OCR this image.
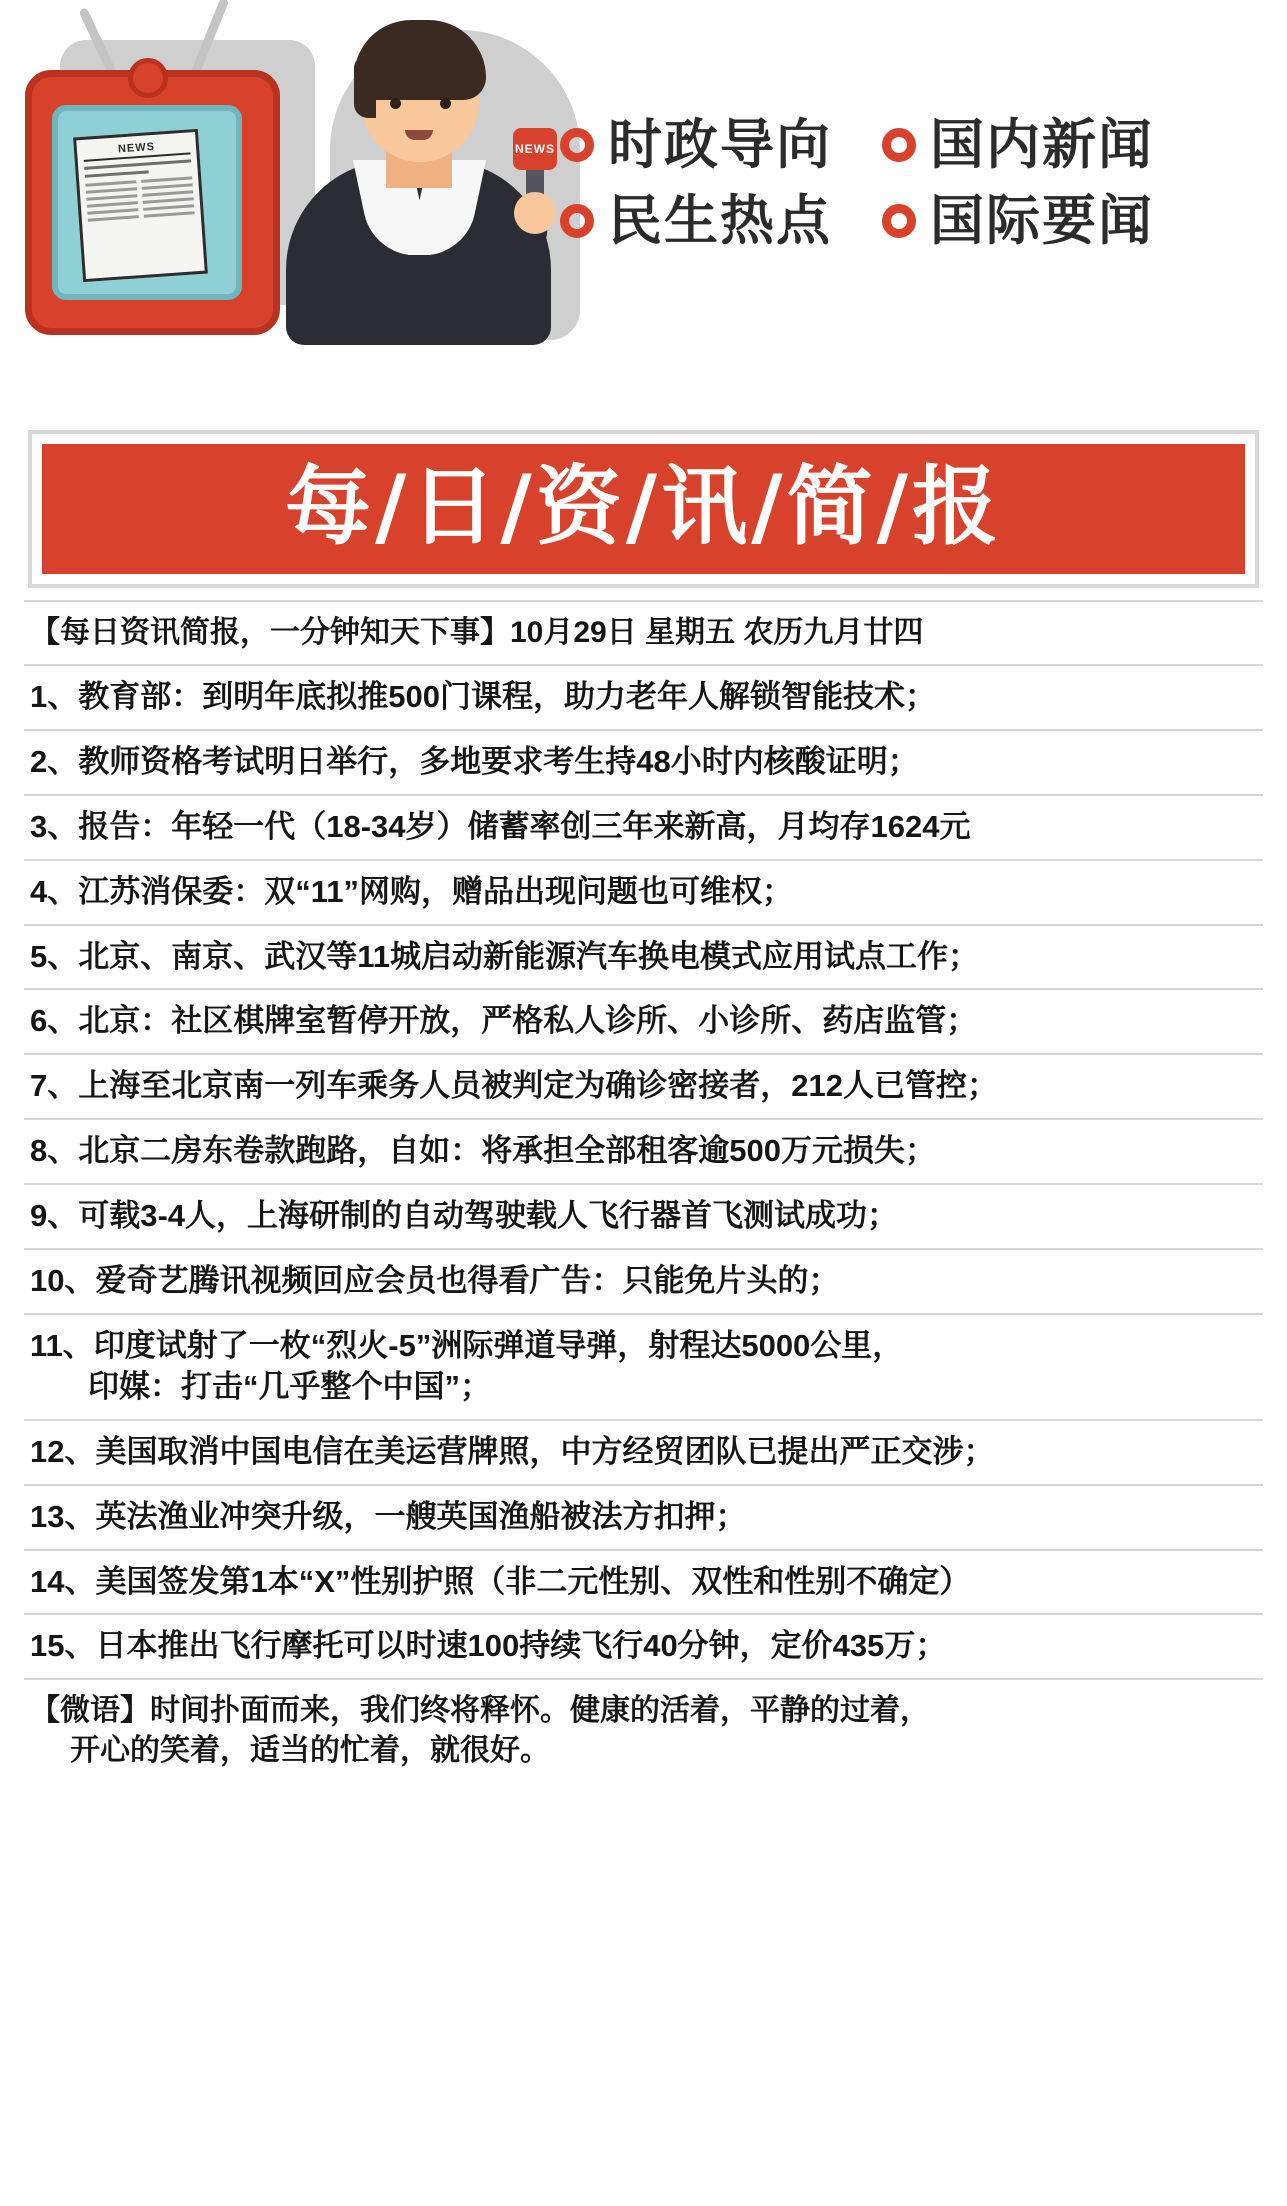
NEWS	NEWS 时政导向 国内新闻
民生热点 国际要闻
每/日/资/讯/简/报
【每日资讯简报，一分钟知天下事】10月29日 星期五 农历九月廿四
1、教育部：到明年底拟推500门课程，助力老年人解锁智能技术；
2、教师资格考试明日举行，多地要求考生持48小时内核酸证明；
3、报告：年轻一代（18-34岁）储蓄率创三年来新高，月均存1624元
4、江苏消保委：双“11”网购，赠品出现问题也可维权；
5、北京、南京、武汉等11城启动新能源汽车换电模式应用试点工作；
6、北京：社区棋牌室暂停开放，严格私人诊所、小诊所、药店监管；
7、上海至北京南一列车乘务人员被判定为确诊密接者，212人已管控；
8、北京二房东卷款跑路，自如：将承担全部租客逾500万元损失；
9、可载3-4人，上海研制的自动驾驶载人飞行器首飞测试成功；
10、爱奇艺腾讯视频回应会员也得看广告：只能免片头的；
11、印度试射了一枚“烈火-5”洲际弹道导弹，射程达5000公里，
印媒：打击“几乎整个中国”；
12、美国取消中国电信在美运营牌照，中方经贸团队已提出严正交涉；
13、英法渔业冲突升级，一艘英国渔船被法方扣押；
14、美国签发第1本“X”性别护照（非二元性别、双性和性别不确定）
15、日本推出飞行摩托可以时速100持续飞行40分钟，定价435万；
【微语】时间扑面而来，我们终将释怀。健康的活着，平静的过着，
开心的笑着，适当的忙着，就很好。
